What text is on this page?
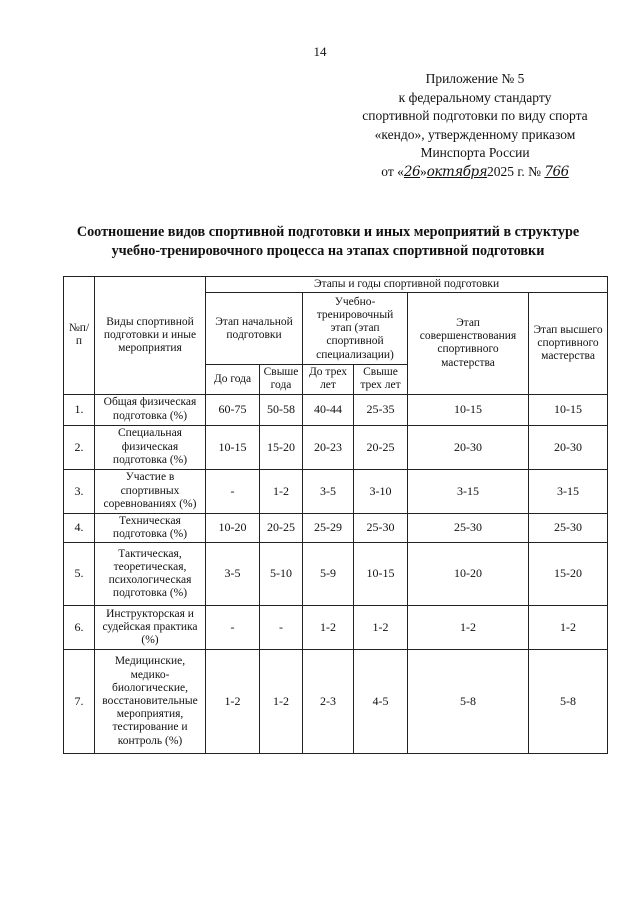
14
Приложение № 5
к федеральному стандарту
спортивной подготовки по виду спорта
«кендо», утвержденному приказом
Минспорта России
от «26»октября2025 г. № 766
Соотношение видов спортивной подготовки и иных мероприятий в структуре
учебно-тренировочного процесса на этапах спортивной подготовки
№п/ п	Виды спортивной подготовки и иные мероприятия	Этапы и годы спортивной подготовки					
		Этап начальной подготовки		Учебно-тренировочный этап (этап спортивной специализации)		Этап совершенствования спортивного мастерства	Этап высшего спортивного мастерства
		До года	Свыше года	До трех лет	Свыше трех лет		
1.	Общая физическая подготовка (%)	60-75	50-58	40-44	25-35	10-15	10-15
2.	Специальная физическая подготовка (%)	10-15	15-20	20-23	20-25	20-30	20-30
3.	Участие в спортивных соревнованиях (%)	-	1-2	3-5	3-10	3-15	3-15
4.	Техническая подготовка (%)	10-20	20-25	25-29	25-30	25-30	25-30
5.	Тактическая, теоретическая, психологическая подготовка (%)	3-5	5-10	5-9	10-15	10-20	15-20
6.	Инструкторская и судейская практика (%)	-	-	1-2	1-2	1-2	1-2
7.	Медицинские, медико-биологические, восстановительные мероприятия, тестирование и контроль (%)	1-2	1-2	2-3	4-5	5-8	5-8
